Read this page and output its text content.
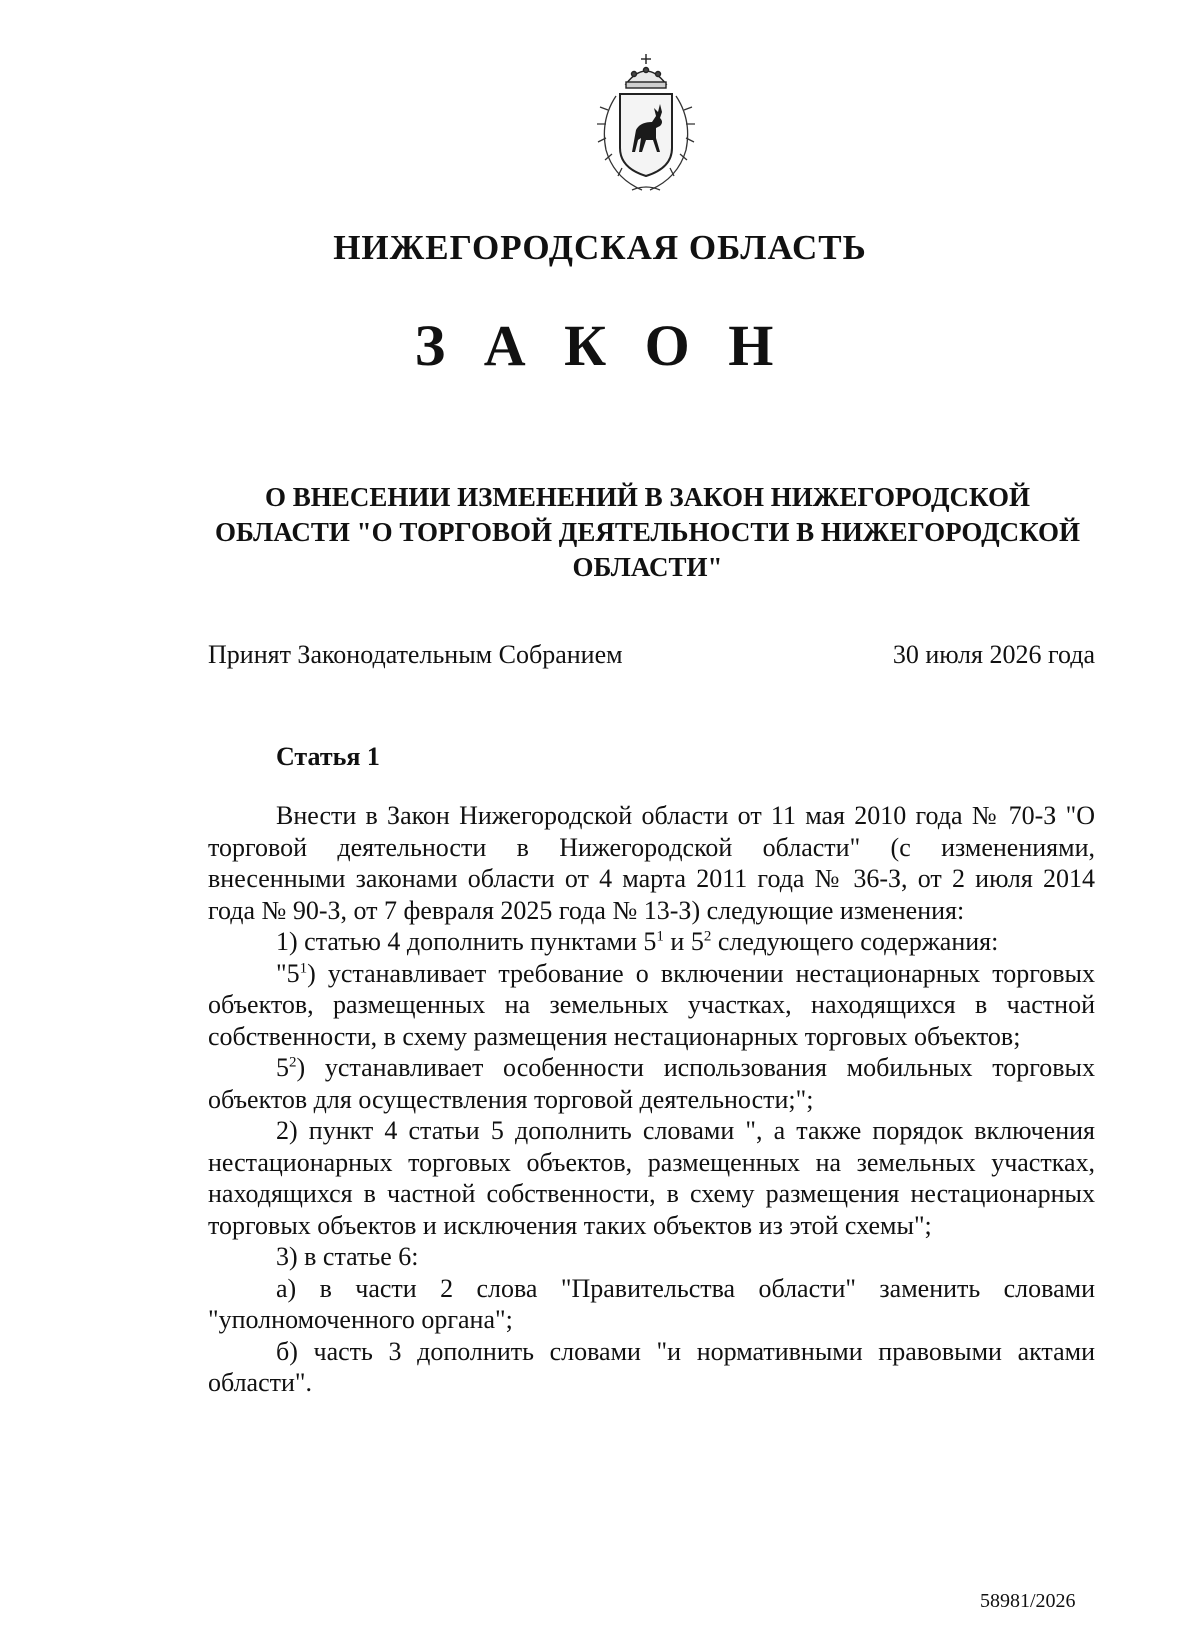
НИЖЕГОРОДСКАЯ ОБЛАСТЬ
З А К О Н
О ВНЕСЕНИИ ИЗМЕНЕНИЙ В ЗАКОН НИЖЕГОРОДСКОЙ
ОБЛАСТИ "О ТОРГОВОЙ ДЕЯТЕЛЬНОСТИ В НИЖЕГОРОДСКОЙ
ОБЛАСТИ"
Принят Законодательным Собранием	30 июля 2026 года
Статья 1

Внести в Закон Нижегородской области от 11 мая 2010 года № 70-З "О торговой деятельности в Нижегородской области" (с изменениями, внесенными законами области от 4 марта 2011 года № 36-З, от 2 июля 2014 года № 90-З, от 7 февраля 2025 года № 13-З) следующие изменения:

1) статью 4 дополнить пунктами $5^1$ и $5^2$ следующего содержания:

"$5^1$) устанавливает требование о включении нестационарных торговых объектов, размещенных на земельных участках, находящихся в частной собственности, в схему размещения нестационарных торговых объектов;

$5^2$) устанавливает особенности использования мобильных торговых объектов для осуществления торговой деятельности;";

2) пункт 4 статьи 5 дополнить словами ", а также порядок включения нестационарных торговых объектов, размещенных на земельных участках, находящихся в частной собственности, в схему размещения нестационарных торговых объектов и исключения таких объектов из этой схемы";

3) в статье 6:

а) в части 2 слова "Правительства области" заменить словами "уполномоченного органа";

б) часть 3 дополнить словами "и нормативными правовыми актами области".

58981/2026
